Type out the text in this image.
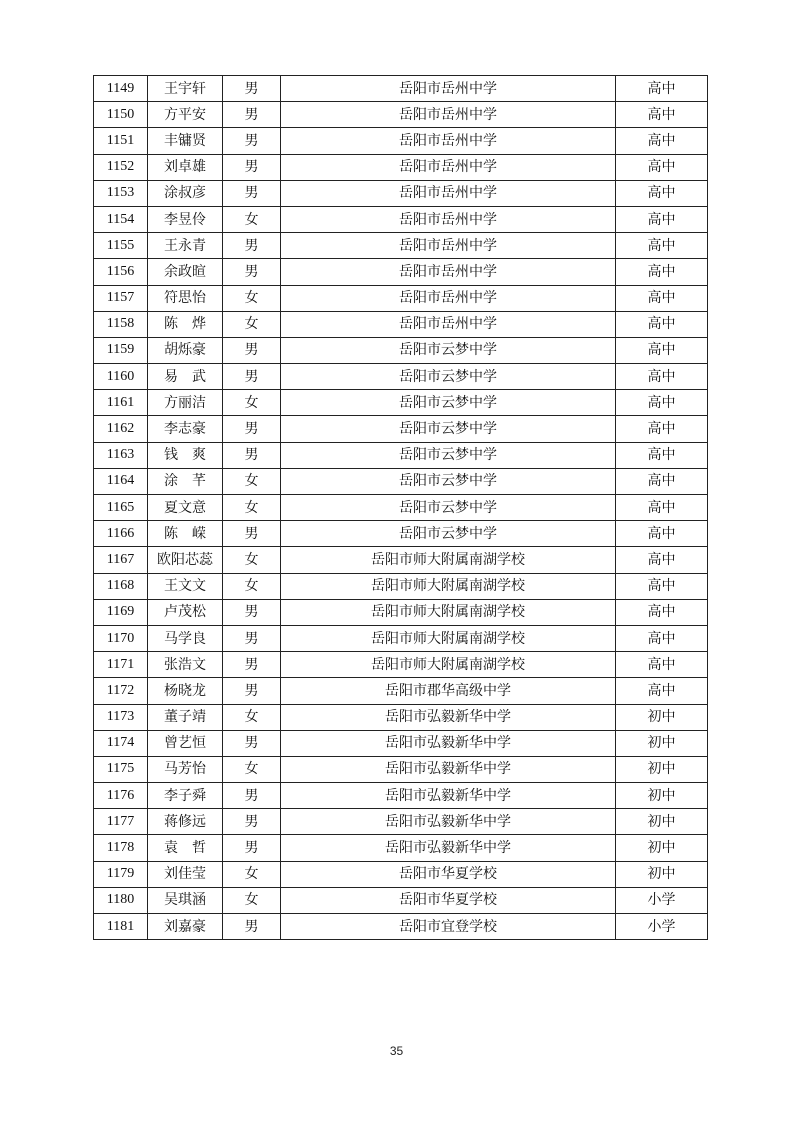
1149	王宇轩	男	岳阳市岳州中学	高中
1150	方平安	男	岳阳市岳州中学	高中
1151	丰镛贤	男	岳阳市岳州中学	高中
1152	刘卓雄	男	岳阳市岳州中学	高中
1153	涂叔彦	男	岳阳市岳州中学	高中
1154	李昱伶	女	岳阳市岳州中学	高中
1155	王永青	男	岳阳市岳州中学	高中
1156	余政暄	男	岳阳市岳州中学	高中
1157	符思怡	女	岳阳市岳州中学	高中
1158	陈　烨	女	岳阳市岳州中学	高中
1159	胡烁豪	男	岳阳市云梦中学	高中
1160	易　武	男	岳阳市云梦中学	高中
1161	方丽洁	女	岳阳市云梦中学	高中
1162	李志豪	男	岳阳市云梦中学	高中
1163	钱　爽	男	岳阳市云梦中学	高中
1164	涂　芊	女	岳阳市云梦中学	高中
1165	夏文意	女	岳阳市云梦中学	高中
1166	陈　嵘	男	岳阳市云梦中学	高中
1167	欧阳芯蕊	女	岳阳市师大附属南湖学校	高中
1168	王文文	女	岳阳市师大附属南湖学校	高中
1169	卢茂松	男	岳阳市师大附属南湖学校	高中
1170	马学良	男	岳阳市师大附属南湖学校	高中
1171	张浩文	男	岳阳市师大附属南湖学校	高中
1172	杨晓龙	男	岳阳市郡华高级中学	高中
1173	董子靖	女	岳阳市弘毅新华中学	初中
1174	曾艺恒	男	岳阳市弘毅新华中学	初中
1175	马芳怡	女	岳阳市弘毅新华中学	初中
1176	李子舜	男	岳阳市弘毅新华中学	初中
1177	蒋修远	男	岳阳市弘毅新华中学	初中
1178	袁　哲	男	岳阳市弘毅新华中学	初中
1179	刘佳莹	女	岳阳市华夏学校	初中
1180	吴琪涵	女	岳阳市华夏学校	小学
1181	刘嘉豪	男	岳阳市宜登学校	小学
35
